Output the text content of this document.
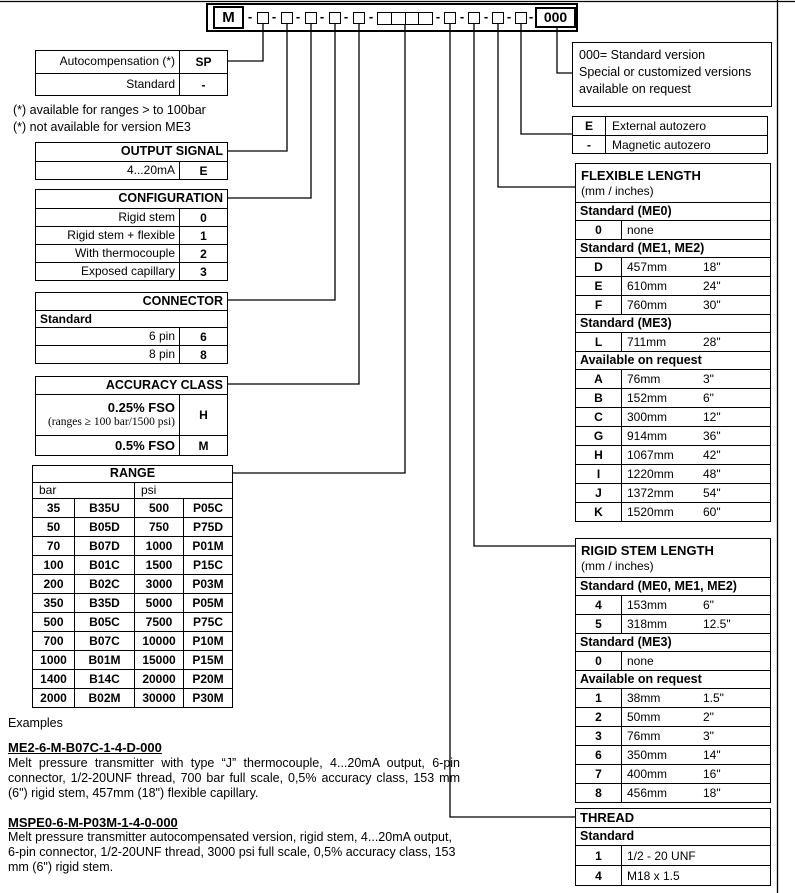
M	- - - - - -	- - - - - 000
Autocompensation (*)	SP
Standard	-
(*) available for ranges > to 100bar
(*) not available for version ME3
OUTPUT SIGNAL
4...20mA	E
CONFIGURATION
Rigid stem	0
Rigid stem + flexible	1
With thermocouple	2
Exposed capillary	3
CONNECTOR
Standard
6 pin	6
8 pin	8
ACCURACY CLASS
0.25% FSO
(ranges ≥ 100 bar/1500 psi)	H
0.5% FSO	M
RANGE
bar	psi
35	B35U	500	P05C
50	B05D	750	P75D
70	B07D	1000	P01M
100	B01C	1500	P15C
200	B02C	3000	P03M
350	B35D	5000	P05M
500	B05C	7500	P75C
700	B07C	10000	P10M
1000	B01M	15000	P15M
1400	B14C	20000	P20M
2000	B02M	30000	P30M
000= Standard version
Special or customized versions
available on request
E	External autozero
-	Magnetic autozero
FLEXIBLE LENGTH
(mm / inches)
Standard (ME0)
0	none
Standard (ME1, ME2)
D	457mm	18"
E	610mm	24"
F	760mm	30"
Standard (ME3)
L	711mm	28"
Available on request
A	76mm	3"
B	152mm	6"
C	300mm	12"
G	914mm	36"
H	1067mm	42"
I	1220mm	48"
J	1372mm	54"
K	1520mm	60"
RIGID STEM LENGTH
(mm / inches)
Standard (ME0, ME1, ME2)
4	153mm	6"
5	318mm	12.5"
Standard (ME3)
0	none
Available on request
1	38mm	1.5"
2	50mm	2"
3	76mm	3"
6	350mm	14"
7	400mm	16"
8	456mm	18"
THREAD
Standard
1	1/2 - 20 UNF
4	M18 x 1.5
Examples
ME2-6-M-B07C-1-4-D-000
Melt pressure transmitter with type “J” thermocouple, 4...20mA output, 6-pin connector, 1/2-20UNF thread, 700 bar full scale, 0,5% accuracy class, 153 mm (6") rigid stem, 457mm (18") flexible capillary.
MSPE0-6-M-P03M-1-4-0-000
Melt pressure transmitter autocompensated version, rigid stem, 4...20mA output, 6-pin connector, 1/2-20UNF thread, 3000 psi full scale, 0,5% accuracy class, 153 mm (6") rigid stem.
